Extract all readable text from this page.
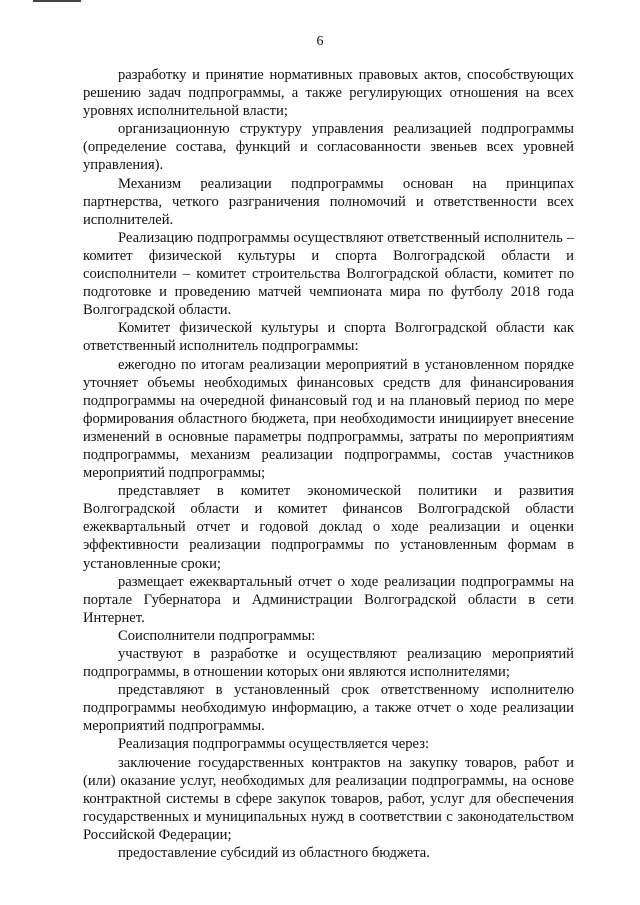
6

разработку и принятие нормативных правовых актов, способствующих решению задач подпрограммы, а также регулирующих отношения на всех уровнях исполнительной власти;

организационную структуру управления реализацией подпрограммы (определение состава, функций и согласованности звеньев всех уровней управления).

Механизм реализации подпрограммы основан на принципах партнерства, четкого разграничения полномочий и ответственности всех исполнителей.

Реализацию подпрограммы осуществляют ответственный исполнитель – комитет физической культуры и спорта Волгоградской области и соисполнители – комитет строительства Волгоградской области, комитет по подготовке и проведению матчей чемпионата мира по футболу 2018 года Волгоградской области.

Комитет физической культуры и спорта Волгоградской области как ответственный исполнитель подпрограммы:

ежегодно по итогам реализации мероприятий в установленном порядке уточняет объемы необходимых финансовых средств для финансирования подпрограммы на очередной финансовый год и на плановый период по мере формирования областного бюджета, при необходимости инициирует внесение изменений в основные параметры подпрограммы, затраты по мероприятиям подпрограммы, механизм реализации подпрограммы, состав участников мероприятий подпрограммы;

представляет в комитет экономической политики и развития Волгоградской области и комитет финансов Волгоградской области ежеквартальный отчет и годовой доклад о ходе реализации и оценки эффективности реализации подпрограммы по установленным формам в установленные сроки;

размещает ежеквартальный отчет о ходе реализации подпрограммы на портале Губернатора и Администрации Волгоградской области в сети Интернет.

Соисполнители подпрограммы:

участвуют в разработке и осуществляют реализацию мероприятий подпрограммы, в отношении которых они являются исполнителями;

представляют в установленный срок ответственному исполнителю подпрограммы необходимую информацию, а также отчет о ходе реализации мероприятий подпрограммы.

Реализация подпрограммы осуществляется через:

заключение государственных контрактов на закупку товаров, работ и (или) оказание услуг, необходимых для реализации подпрограммы, на основе контрактной системы в сфере закупок товаров, работ, услуг для обеспечения государственных и муниципальных нужд в соответствии с законодательством Российской Федерации;

предоставление субсидий из областного бюджета.
